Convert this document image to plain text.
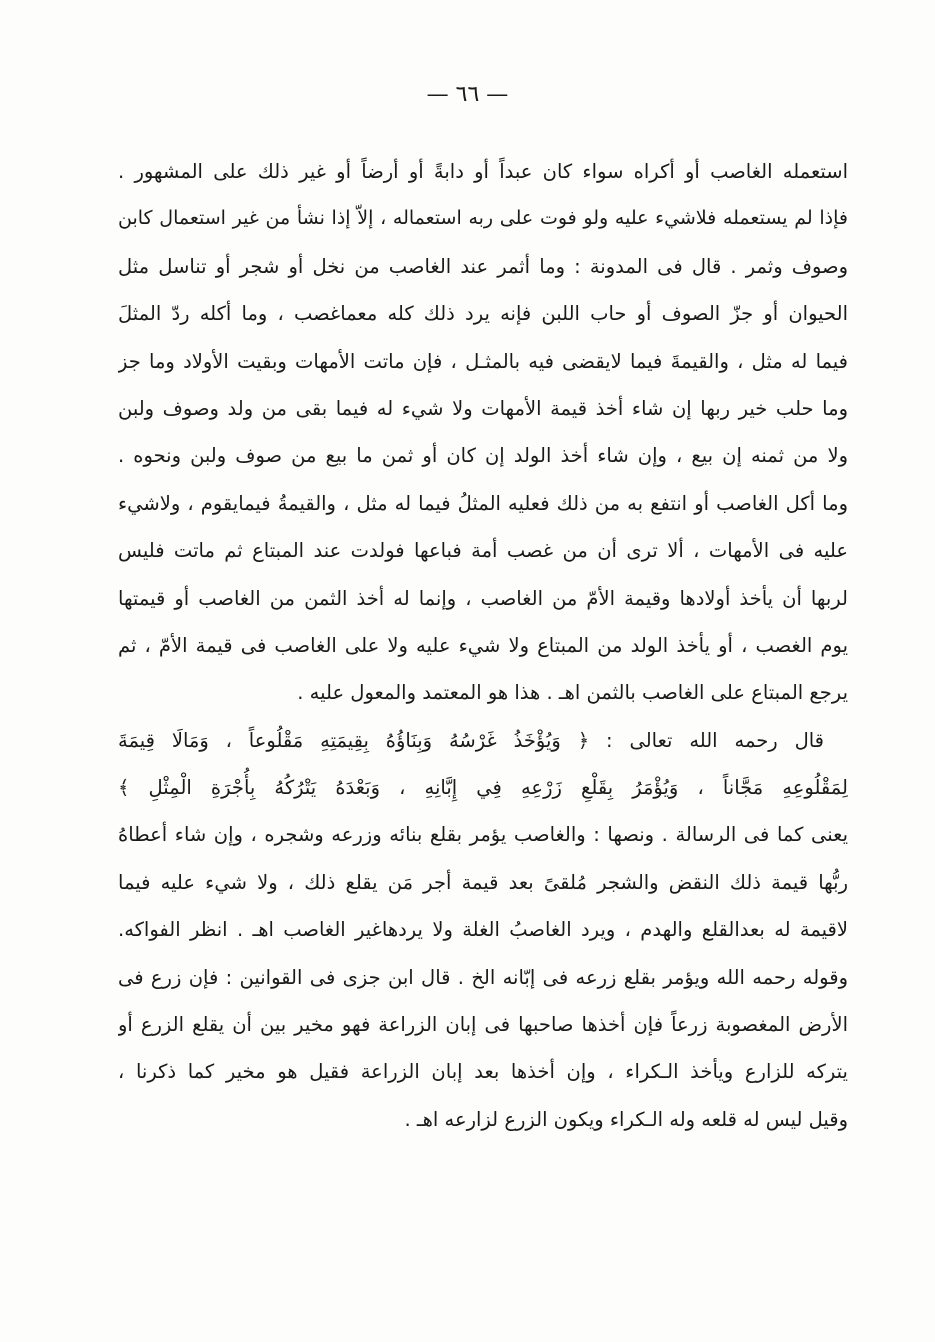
— ٦٦ —
استعمله الغاصب أو أكراه سواء كان عبداً أو دابةً أو أرضاً أو غير ذلك على المشهور .
فإذا لم يستعمله فلاشيء عليه ولو فوت على ربه استعماله ، إلاّ إذا نشأ من غير استعمال كابن
وصوف وثمر . قال فى المدونة : وما أثمر عند الغاصب من نخل أو شجر أو تناسل مثل
الحيوان أو جزّ الصوف أو حاب اللبن فإنه يرد ذلك كله معماغصب ، وما أكله ردّ المثلَ
فيما له مثل ، والقيمةَ فيما لايقضى فيه بالمثـل ، فإن ماتت الأمهات وبقيت الأولاد وما جز
وما حلب خير ربها إن شاء أخذ قيمة الأمهات ولا شيء له فيما بقى من ولد وصوف ولبن
ولا من ثمنه إن بيع ، وإن شاء أخذ الولد إن كان أو ثمن ما بيع من صوف ولبن ونحوه .
وما أكل الغاصب أو انتفع به من ذلك فعليه المثلُ فيما له مثل ، والقيمةُ فيمايقوم ، ولاشيء
عليه فى الأمهات ، ألا ترى أن من غصب أمة فباعها فولدت عند المبتاع ثم ماتت فليس
لربها أن يأخذ أولادها وقيمة الأمّ من الغاصب ، وإنما له أخذ الثمن من الغاصب أو قيمتها
يوم الغصب ، أو يأخذ الولد من المبتاع ولا شيء عليه ولا على الغاصب فى قيمة الأمّ ، ثم
يرجع المبتاع على الغاصب بالثمن اهـ . هذا هو المعتمد والمعول عليه .
قال رحمه الله تعالى : ﴿ وَيُؤْخَذُ غَرْسُهُ وَبِنَاؤُهُ بِقِيمَتِهِ مَقْلُوعاً ، وَمَالَا قِيمَةَ
لِمَقْلُوعِهِ مَجَّاناً ، وَيُؤْمَرُ بِقَلْعِ زَرْعِهِ فِي إِبَّانِهِ ، وَبَعْدَهُ يَتْرُكُهُ بِأُجْرَةِ الْمِثْلِ ﴾
يعنى كما فى الرسالة . ونصها : والغاصب يؤمر بقلع بنائه وزرعه وشجره ، وإن شاء أعطاهُ
ربُّها قيمة ذلك النقض والشجر مُلقىً بعد قيمة أجر مَن يقلع ذلك ، ولا شيء عليه فيما
لاقيمة له بعدالقلع والهدم ، ويرد الغاصبُ الغلة ولا يردهاغير الغاصب اهـ . انظر الفواكه.
وقوله رحمه الله ويؤمر بقلع زرعه فى إبّانه الخ . قال ابن جزى فى القوانين : فإن زرع فى
الأرض المغصوبة زرعاً فإن أخذها صاحبها فى إبان الزراعة فهو مخير بين أن يقلع الزرع أو
يتركه للزارع ويأخذ الـكراء ، وإن أخذها بعد إبان الزراعة فقيل هو مخير كما ذكرنا ،
وقيل ليس له قلعه وله الـكراء ويكون الزرع لزارعه اهـ .
